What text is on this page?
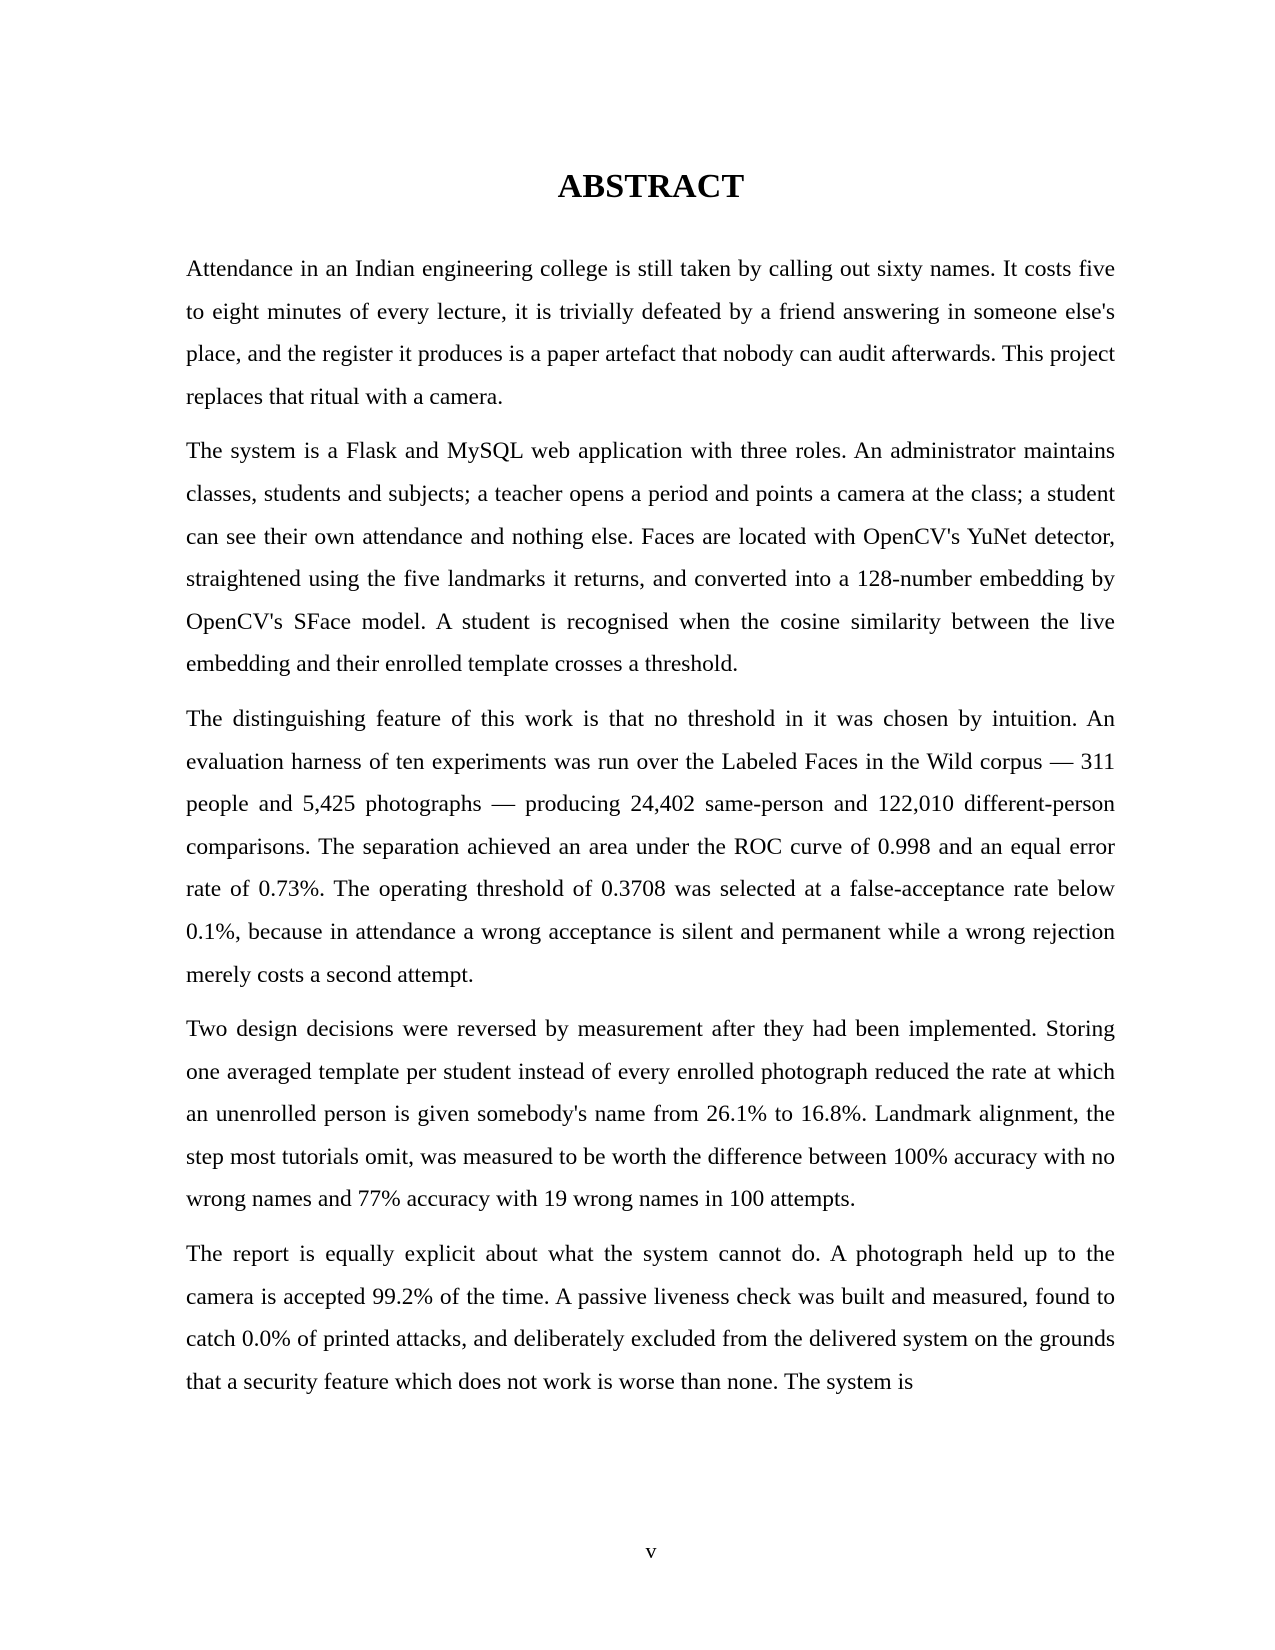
ABSTRACT

Attendance in an Indian engineering college is still taken by calling out sixty names. It costs five to eight minutes of every lecture, it is trivially defeated by a friend answering in someone else's place, and the register it produces is a paper artefact that nobody can audit afterwards. This project replaces that ritual with a camera.

The system is a Flask and MySQL web application with three roles. An administrator maintains classes, students and subjects; a teacher opens a period and points a camera at the class; a student can see their own attendance and nothing else. Faces are located with OpenCV's YuNet detector, straightened using the five landmarks it returns, and converted into a 128-number embedding by OpenCV's SFace model. A student is recognised when the cosine similarity between the live embedding and their enrolled template crosses a threshold.

The distinguishing feature of this work is that no threshold in it was chosen by intuition. An evaluation harness of ten experiments was run over the Labeled Faces in the Wild corpus — 311 people and 5,425 photographs — producing 24,402 same-person and 122,010 different-person comparisons. The separation achieved an area under the ROC curve of 0.998 and an equal error rate of 0.73%. The operating threshold of 0.3708 was selected at a false-acceptance rate below 0.1%, because in attendance a wrong acceptance is silent and permanent while a wrong rejection merely costs a second attempt.

Two design decisions were reversed by measurement after they had been implemented. Storing one averaged template per student instead of every enrolled photograph reduced the rate at which an unenrolled person is given somebody's name from 26.1% to 16.8%. Landmark alignment, the step most tutorials omit, was measured to be worth the difference between 100% accuracy with no wrong names and 77% accuracy with 19 wrong names in 100 attempts.

The report is equally explicit about what the system cannot do. A photograph held up to the camera is accepted 99.2% of the time. A passive liveness check was built and measured, found to catch 0.0% of printed attacks, and deliberately excluded from the delivered system on the grounds that a security feature which does not work is worse than none. The system is

v
